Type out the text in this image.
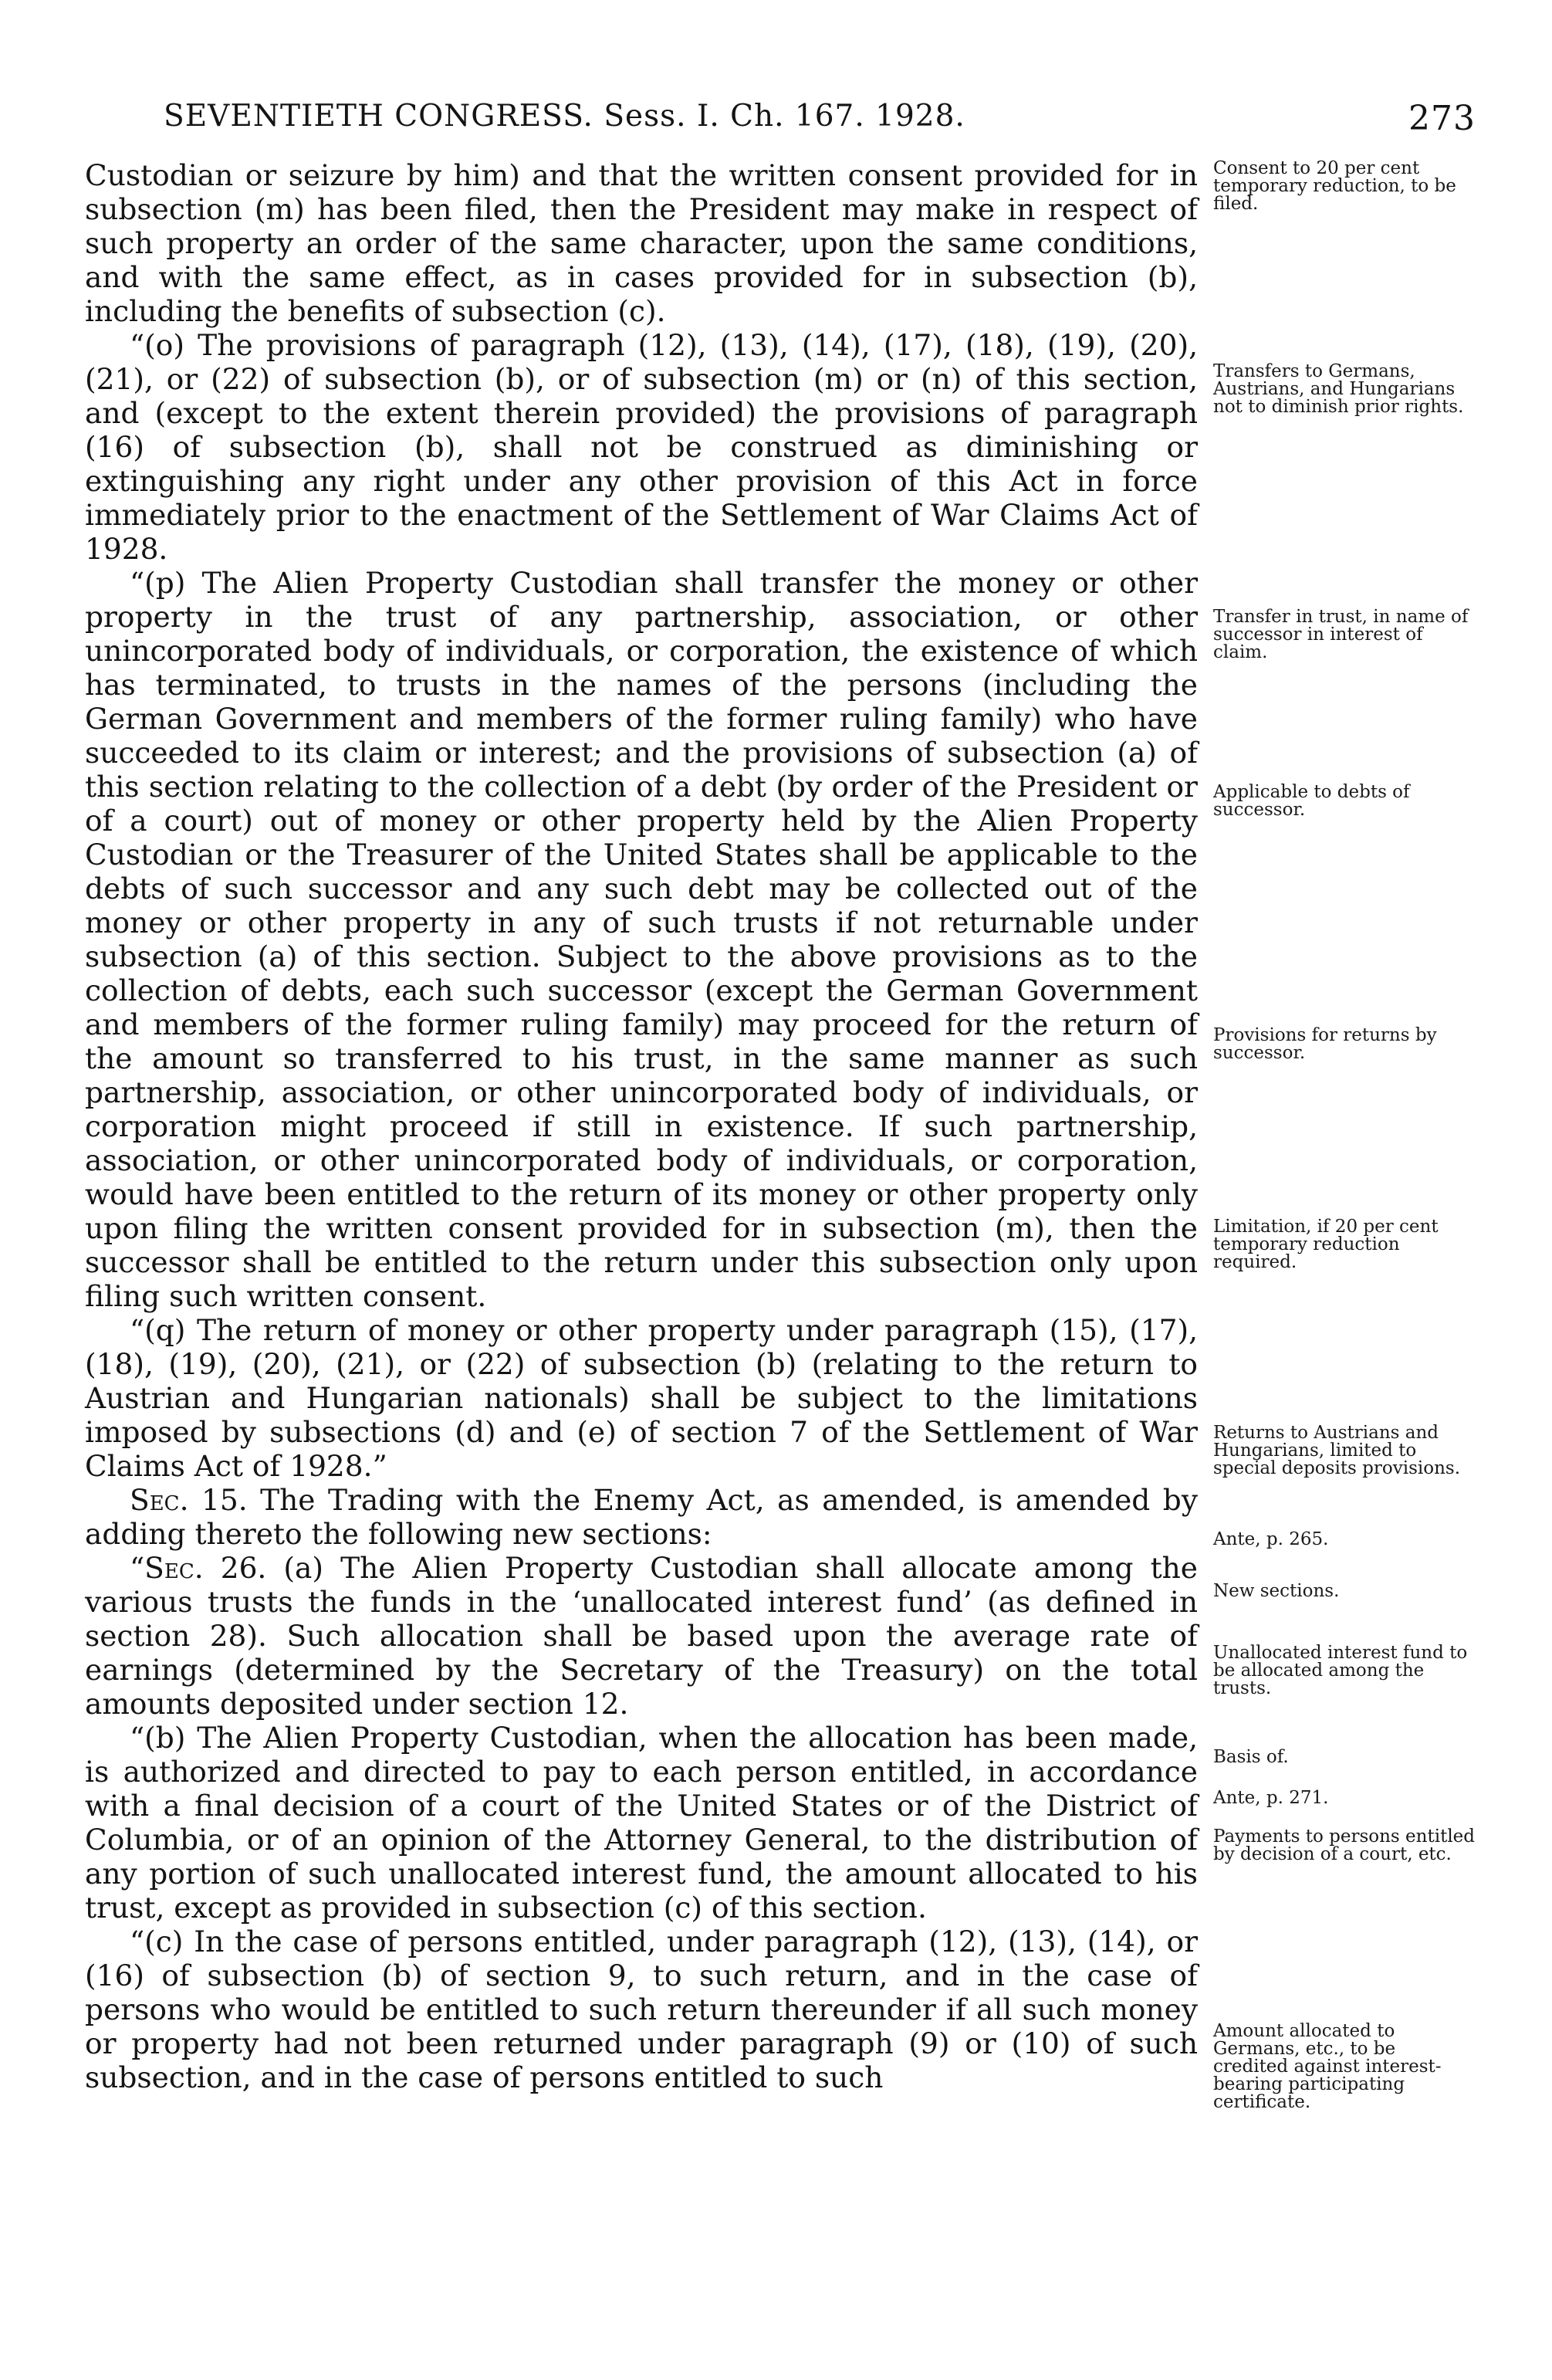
SEVENTIETH CONGRESS. Sess. I. Ch. 167. 1928.	273

Custodian or seizure by him) and that the written consent provided for in subsection (m) has been filed, then the President may make in respect of such property an order of the same character, upon the same conditions, and with the same effect, as in cases provided for in subsection (b), including the benefits of subsection (c).

“(o) The provisions of paragraph (12), (13), (14), (17), (18), (19), (20), (21), or (22) of subsection (b), or of subsection (m) or (n) of this section, and (except to the extent therein provided) the provisions of paragraph (16) of subsection (b), shall not be construed as diminishing or extinguishing any right under any other provision of this Act in force immediately prior to the enactment of the Settlement of War Claims Act of 1928.

“(p) The Alien Property Custodian shall transfer the money or other property in the trust of any partnership, association, or other unincorporated body of individuals, or corporation, the existence of which has terminated, to trusts in the names of the persons (including the German Government and members of the former ruling family) who have succeeded to its claim or interest; and the provisions of subsection (a) of this section relating to the collection of a debt (by order of the President or of a court) out of money or other property held by the Alien Property Custodian or the Treasurer of the United States shall be applicable to the debts of such successor and any such debt may be collected out of the money or other property in any of such trusts if not returnable under subsection (a) of this section. Subject to the above provisions as to the collection of debts, each such successor (except the German Government and members of the former ruling family) may proceed for the return of the amount so transferred to his trust, in the same manner as such partnership, association, or other unincorporated body of individuals, or corporation might proceed if still in existence. If such partnership, association, or other unincorporated body of individuals, or corporation, would have been entitled to the return of its money or other property only upon filing the written consent provided for in subsection (m), then the successor shall be entitled to the return under this subsection only upon filing such written consent.

“(q) The return of money or other property under paragraph (15), (17), (18), (19), (20), (21), or (22) of subsection (b) (relating to the return to Austrian and Hungarian nationals) shall be subject to the limitations imposed by subsections (d) and (e) of section 7 of the Settlement of War Claims Act of 1928.”

Sec. 15. The Trading with the Enemy Act, as amended, is amended by adding thereto the following new sections:

“Sec. 26. (a) The Alien Property Custodian shall allocate among the various trusts the funds in the ‘unallocated interest fund’ (as defined in section 28). Such allocation shall be based upon the average rate of earnings (determined by the Secretary of the Treasury) on the total amounts deposited under section 12.

“(b) The Alien Property Custodian, when the allocation has been made, is authorized and directed to pay to each person entitled, in accordance with a final decision of a court of the United States or of the District of Columbia, or of an opinion of the Attorney General, to the distribution of any portion of such unallocated interest fund, the amount allocated to his trust, except as provided in subsection (c) of this section.

“(c) In the case of persons entitled, under paragraph (12), (13), (14), or (16) of subsection (b) of section 9, to such return, and in the case of persons who would be entitled to such return thereunder if all such money or property had not been returned under paragraph (9) or (10) of such subsection, and in the case of persons entitled to such

Consent to 20 per cent temporary reduction, to be filed.
Transfers to Germans, Austrians, and Hungarians not to diminish prior rights.
Transfer in trust, in name of successor in interest of claim.
Applicable to debts of successor.
Provisions for returns by successor.
Limitation, if 20 per cent temporary reduction required.
Returns to Austrians and Hungarians, limited to special deposits provisions.
Ante, p. 265.
New sections.
Unallocated interest fund to be allocated among the trusts.
Basis of.
Ante, p. 271.
Payments to persons entitled by decision of a court, etc.
Amount allocated to Germans, etc., to be credited against interest-bearing participating certificate.
